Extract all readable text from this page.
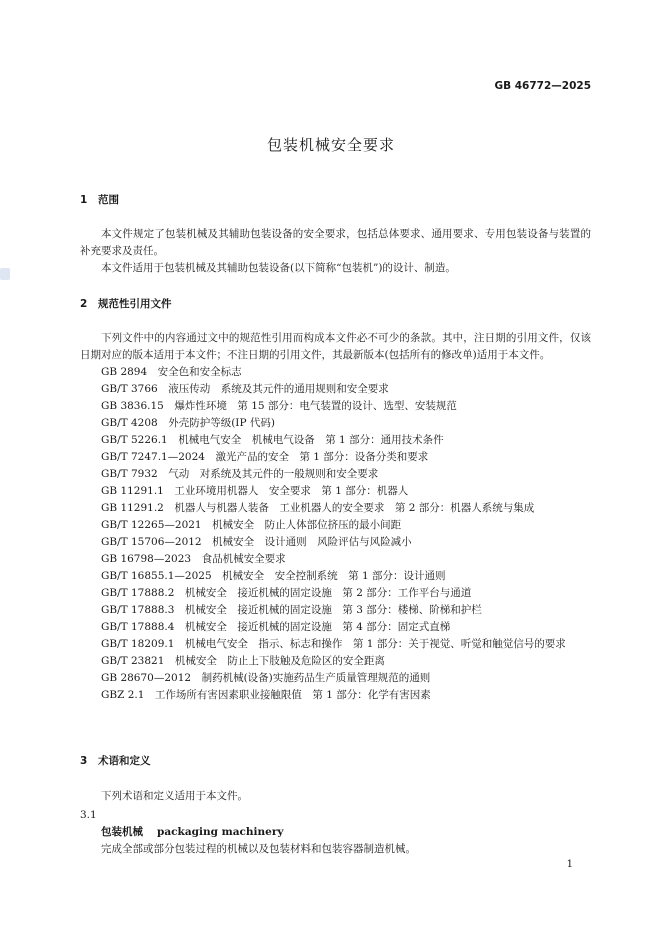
GB 46772—2025
包装机械安全要求
1 范围
本文件规定了包装机械及其辅助包装设备的安全要求，包括总体要求、通用要求、专用包装设备与装置的补充要求及责任。
本文件适用于包装机械及其辅助包装设备(以下简称“包装机”)的设计、制造。
2 规范性引用文件
下列文件中的内容通过文中的规范性引用而构成本文件必不可少的条款。其中，注日期的引用文件，仅该日期对应的版本适用于本文件；不注日期的引用文件，其最新版本(包括所有的修改单)适用于本文件。
GB 2894　安全色和安全标志
GB/T 3766　液压传动　系统及其元件的通用规则和安全要求
GB 3836.15　爆炸性环境　第 15 部分：电气装置的设计、选型、安装规范
GB/T 4208　外壳防护等级(IP 代码)
GB/T 5226.1　机械电气安全　机械电气设备　第 1 部分：通用技术条件
GB/T 7247.1—2024　激光产品的安全　第 1 部分：设备分类和要求
GB/T 7932　气动　对系统及其元件的一般规则和安全要求
GB 11291.1　工业环境用机器人　安全要求　第 1 部分：机器人
GB 11291.2　机器人与机器人装备　工业机器人的安全要求　第 2 部分：机器人系统与集成
GB/T 12265—2021　机械安全　防止人体部位挤压的最小间距
GB/T 15706—2012　机械安全　设计通则　风险评估与风险减小
GB 16798—2023　食品机械安全要求
GB/T 16855.1—2025　机械安全　安全控制系统　第 1 部分：设计通则
GB/T 17888.2　机械安全　接近机械的固定设施　第 2 部分：工作平台与通道
GB/T 17888.3　机械安全　接近机械的固定设施　第 3 部分：楼梯、阶梯和护栏
GB/T 17888.4　机械安全　接近机械的固定设施　第 4 部分：固定式直梯
GB/T 18209.1　机械电气安全　指示、标志和操作　第 1 部分：关于视觉、听觉和触觉信号的要求
GB/T 23821　机械安全　防止上下肢触及危险区的安全距离
GB 28670—2012　制药机械(设备)实施药品生产质量管理规范的通则
GBZ 2.1　工作场所有害因素职业接触限值　第 1 部分：化学有害因素
3 术语和定义
下列术语和定义适用于本文件。
3.1
包装机械 packaging machinery
完成全部或部分包装过程的机械以及包装材料和包装容器制造机械。
1
